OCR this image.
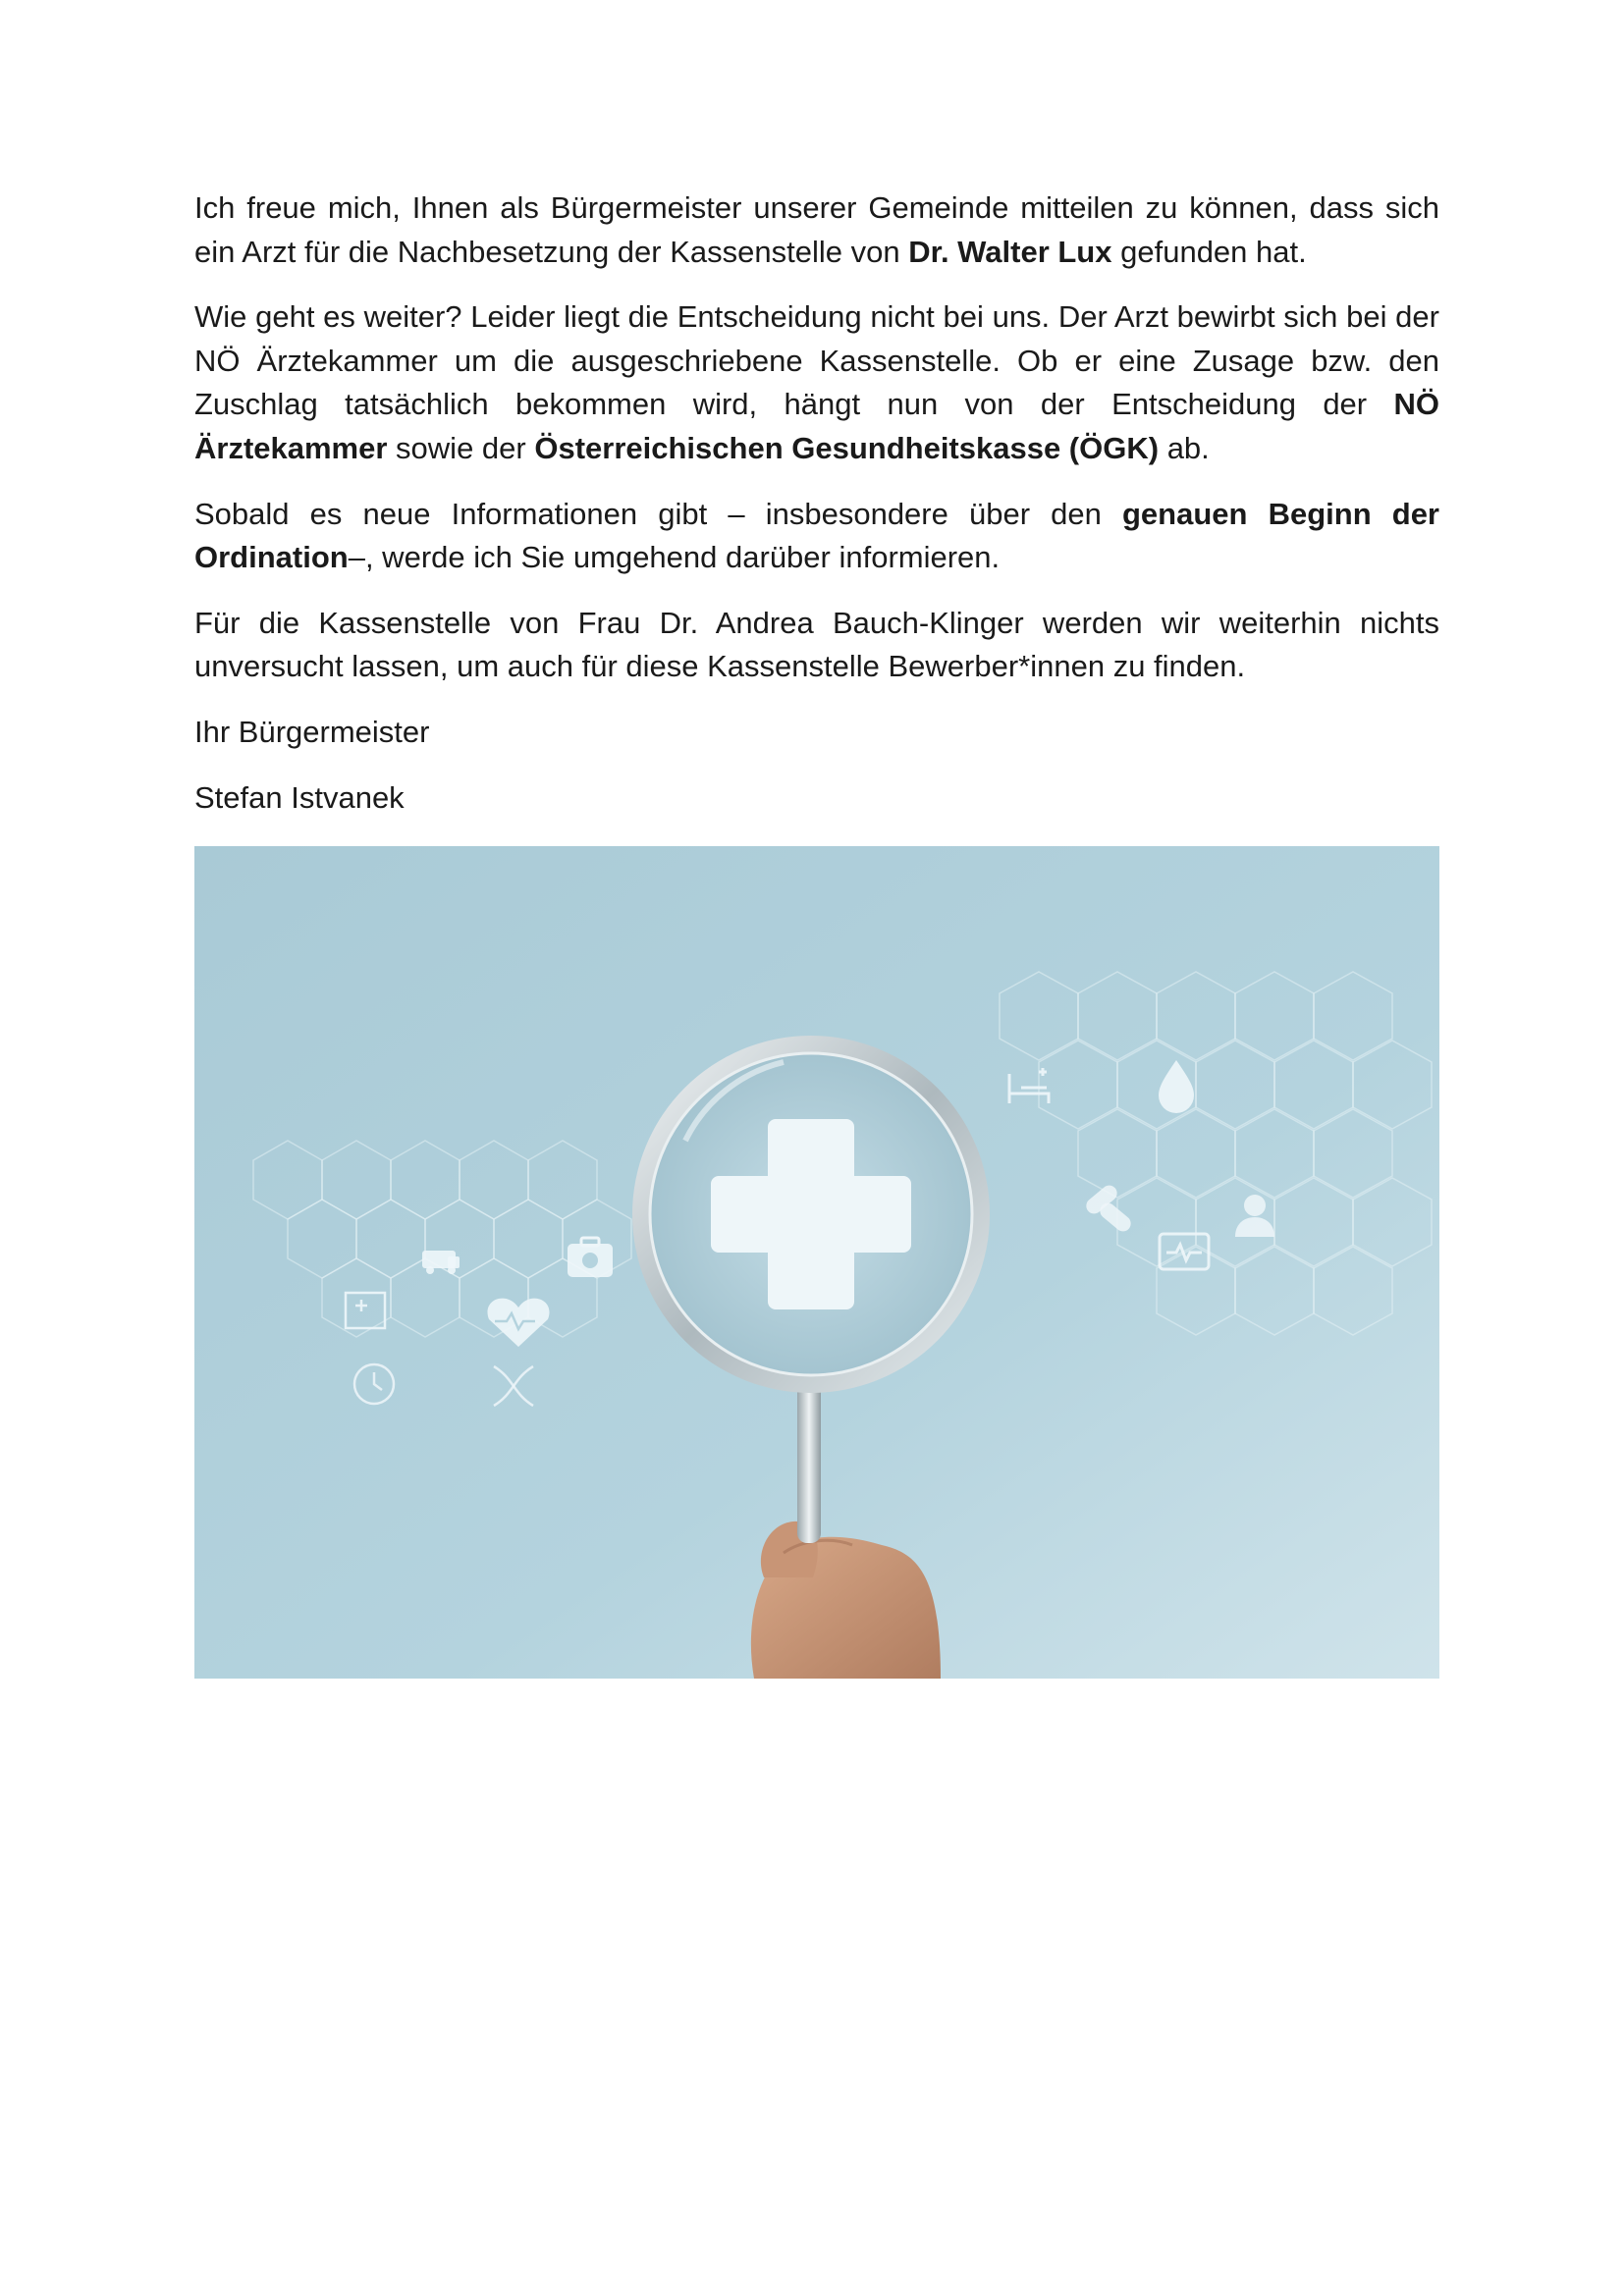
Ich freue mich, Ihnen als Bürgermeister unserer Gemeinde mitteilen zu können, dass sich ein Arzt für die Nachbesetzung der Kassenstelle von Dr. Walter Lux gefunden hat.

Wie geht es weiter? Leider liegt die Entscheidung nicht bei uns. Der Arzt bewirbt sich bei der NÖ Ärztekammer um die ausgeschriebene Kassenstelle. Ob er eine Zusage bzw. den Zuschlag tatsächlich bekommen wird, hängt nun von der Entscheidung der NÖ Ärztekammer sowie der Österreichischen Gesundheitskasse (ÖGK) ab.

Sobald es neue Informationen gibt – insbesondere über den genauen Beginn der Ordination–, werde ich Sie umgehend darüber informieren.

Für die Kassenstelle von Frau Dr. Andrea Bauch-Klinger werden wir weiterhin nichts unversucht lassen, um auch für diese Kassenstelle Bewerber*innen zu finden.

Ihr Bürgermeister

Stefan Istvanek
